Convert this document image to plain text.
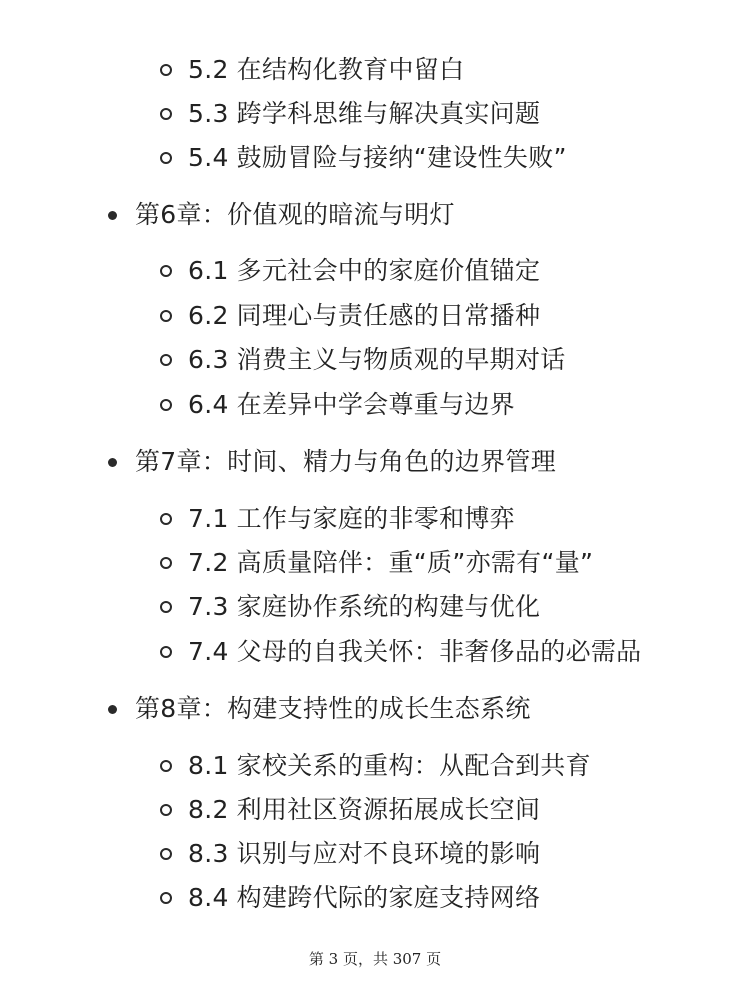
5.2 在结构化教育中留白
5.3 跨学科思维与解决真实问题
5.4 鼓励冒险与接纳“建设性失败”
第6章：价值观的暗流与明灯
6.1 多元社会中的家庭价值锚定
6.2 同理心与责任感的日常播种
6.3 消费主义与物质观的早期对话
6.4 在差异中学会尊重与边界
第7章：时间、精力与角色的边界管理
7.1 工作与家庭的非零和博弈
7.2 高质量陪伴：重“质”亦需有“量”
7.3 家庭协作系统的构建与优化
7.4 父母的自我关怀：非奢侈品的必需品
第8章：构建支持性的成长生态系统
8.1 家校关系的重构：从配合到共育
8.2 利用社区资源拓展成长空间
8.3 识别与应对不良环境的影响
8.4 构建跨代际的家庭支持网络
第 3 页，共 307 页
